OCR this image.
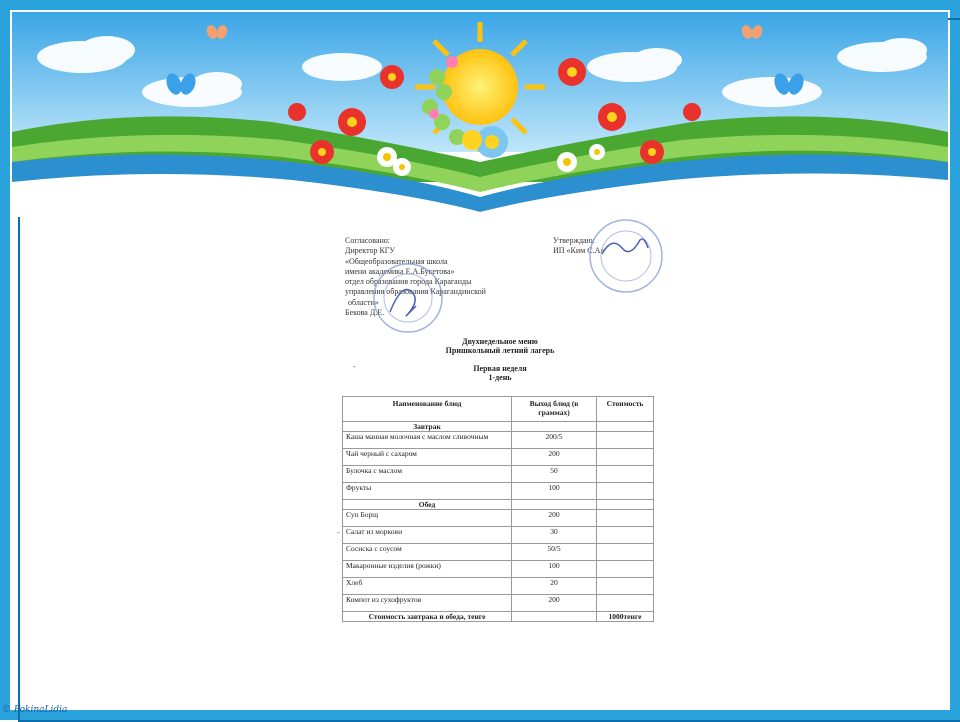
Согласовано:
Директор КГУ
«Общеобразовательная школа
имени академика Е.А.Букетова»
отдел образования города Караганды
управления образования Карагандинской
области»
Бекова Д.Е.
Утверждаю:
ИП «Ким С.А»
Двухнедельное меню
Пришкольный летний лагерь
Первая неделя
1-день
-
-
Наименование блюд	Выход блюд (в граммах)	Стоимость
Завтрак		
Каша манная молочная с маслом сливочным	200/5	
Чай черный с сахаром	200	
Булочка с маслом	50	
Фрукты	100	
Обед		
Суп Борщ	200	
Салат из моркови	30	
Сосиска с соусом	50/5	
Макаронные изделия (рожки)	100	
Хлеб	20	
Компот из сухофруктов	200	
Стоимость завтрака и обеда, тенге		1000тенге
© FokinaLidia
